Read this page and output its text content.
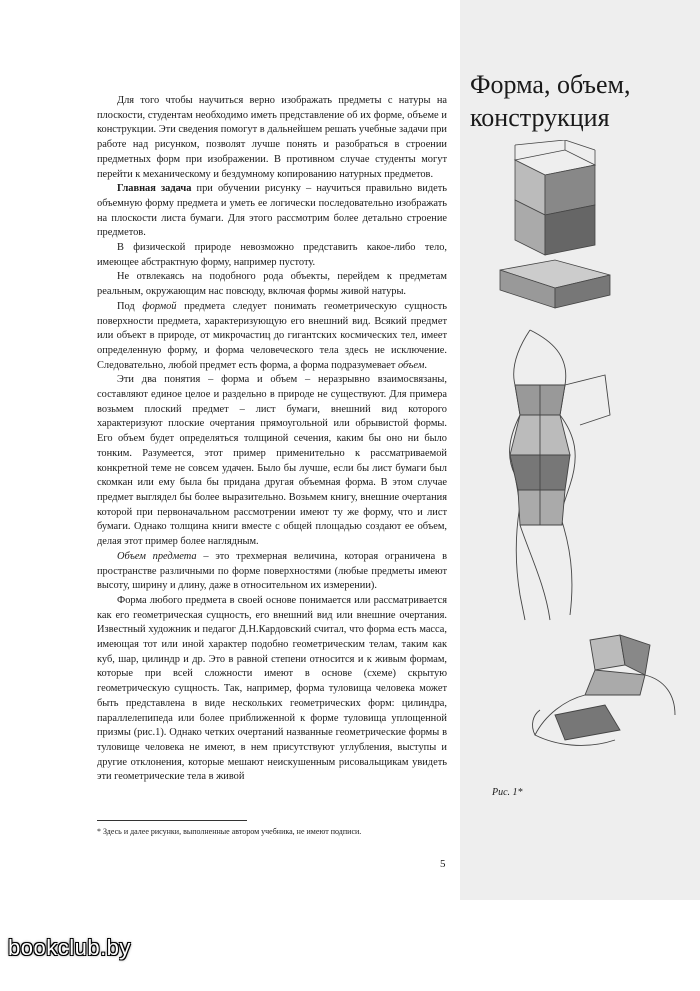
Форма, объем, конструкция

Для того чтобы научиться верно изображать предметы с натуры на плоскости, студентам необходимо иметь представление об их форме, объеме и конструкции. Эти сведения помогут в дальнейшем решать учебные задачи при работе над рисунком, позволят лучше понять и разобраться в строении предметных форм при изображении. В противном случае студенты могут перейти к механическому и бездумному копированию натурных предметов.

Главная задача при обучении рисунку – научиться правильно видеть объемную форму предмета и уметь ее логически последовательно изображать на плоскости листа бумаги. Для этого рассмотрим более детально строение предметов.

В физической природе невозможно представить какое-либо тело, имеющее абстрактную форму, например пустоту.

Не отвлекаясь на подобного рода объекты, перейдем к предметам реальным, окружающим нас повсюду, включая формы живой натуры.

Под формой предмета следует понимать геометрическую сущность поверхности предмета, характеризующую его внешний вид. Всякий предмет или объект в природе, от микрочастиц до гигантских космических тел, имеет определенную форму, и форма человеческого тела здесь не исключение. Следовательно, любой предмет есть форма, а форма подразумевает объем.

Эти два понятия – форма и объем – неразрывно взаимосвязаны, составляют единое целое и раздельно в природе не существуют. Для примера возьмем плоский предмет – лист бумаги, внешний вид которого характеризуют плоские очертания прямоугольной или обрывистой формы. Его объем будет определяться толщиной сечения, каким бы оно ни было тонким. Разумеется, этот пример применительно к рассматриваемой конкретной теме не совсем удачен. Было бы лучше, если бы лист бумаги был скомкан или ему была бы придана другая объемная форма. В этом случае предмет выглядел бы более выразительно. Возьмем книгу, внешние очертания которой при первоначальном рассмотрении имеют ту же форму, что и лист бумаги. Однако толщина книги вместе с общей площадью создают ее объем, делая этот пример более наглядным.

Объем предмета – это трехмерная величина, которая ограничена в пространстве различными по форме поверхностями (любые предметы имеют высоту, ширину и длину, даже в относительном их измерении).

Форма любого предмета в своей основе понимается или рассматривается как его геометрическая сущность, его внешний вид или внешние очертания. Известный художник и педагог Д.Н.Кардовский считал, что форма есть масса, имеющая тот или иной характер подобно геометрическим телам, таким как куб, шар, цилиндр и др. Это в равной степени относится и к живым формам, которые при всей сложности имеют в основе (схеме) скрытую геометрическую сущность. Так, например, форма туловища человека может быть представлена в виде нескольких геометрических форм: цилиндра, параллелепипеда или более приближенной к форме туловища уплощенной призмы (рис.1). Однако четких очертаний названные геометрические формы в туловище человека не имеют, в нем присутствуют углубления, выступы и другие отклонения, которые мешают неискушенным рисовальщикам увидеть эти геометрические тела в живой

* Здесь и далее рисунки, выполненные автором учебника, не имеют подписи.
5
Рис. 1*
bookclub.by
